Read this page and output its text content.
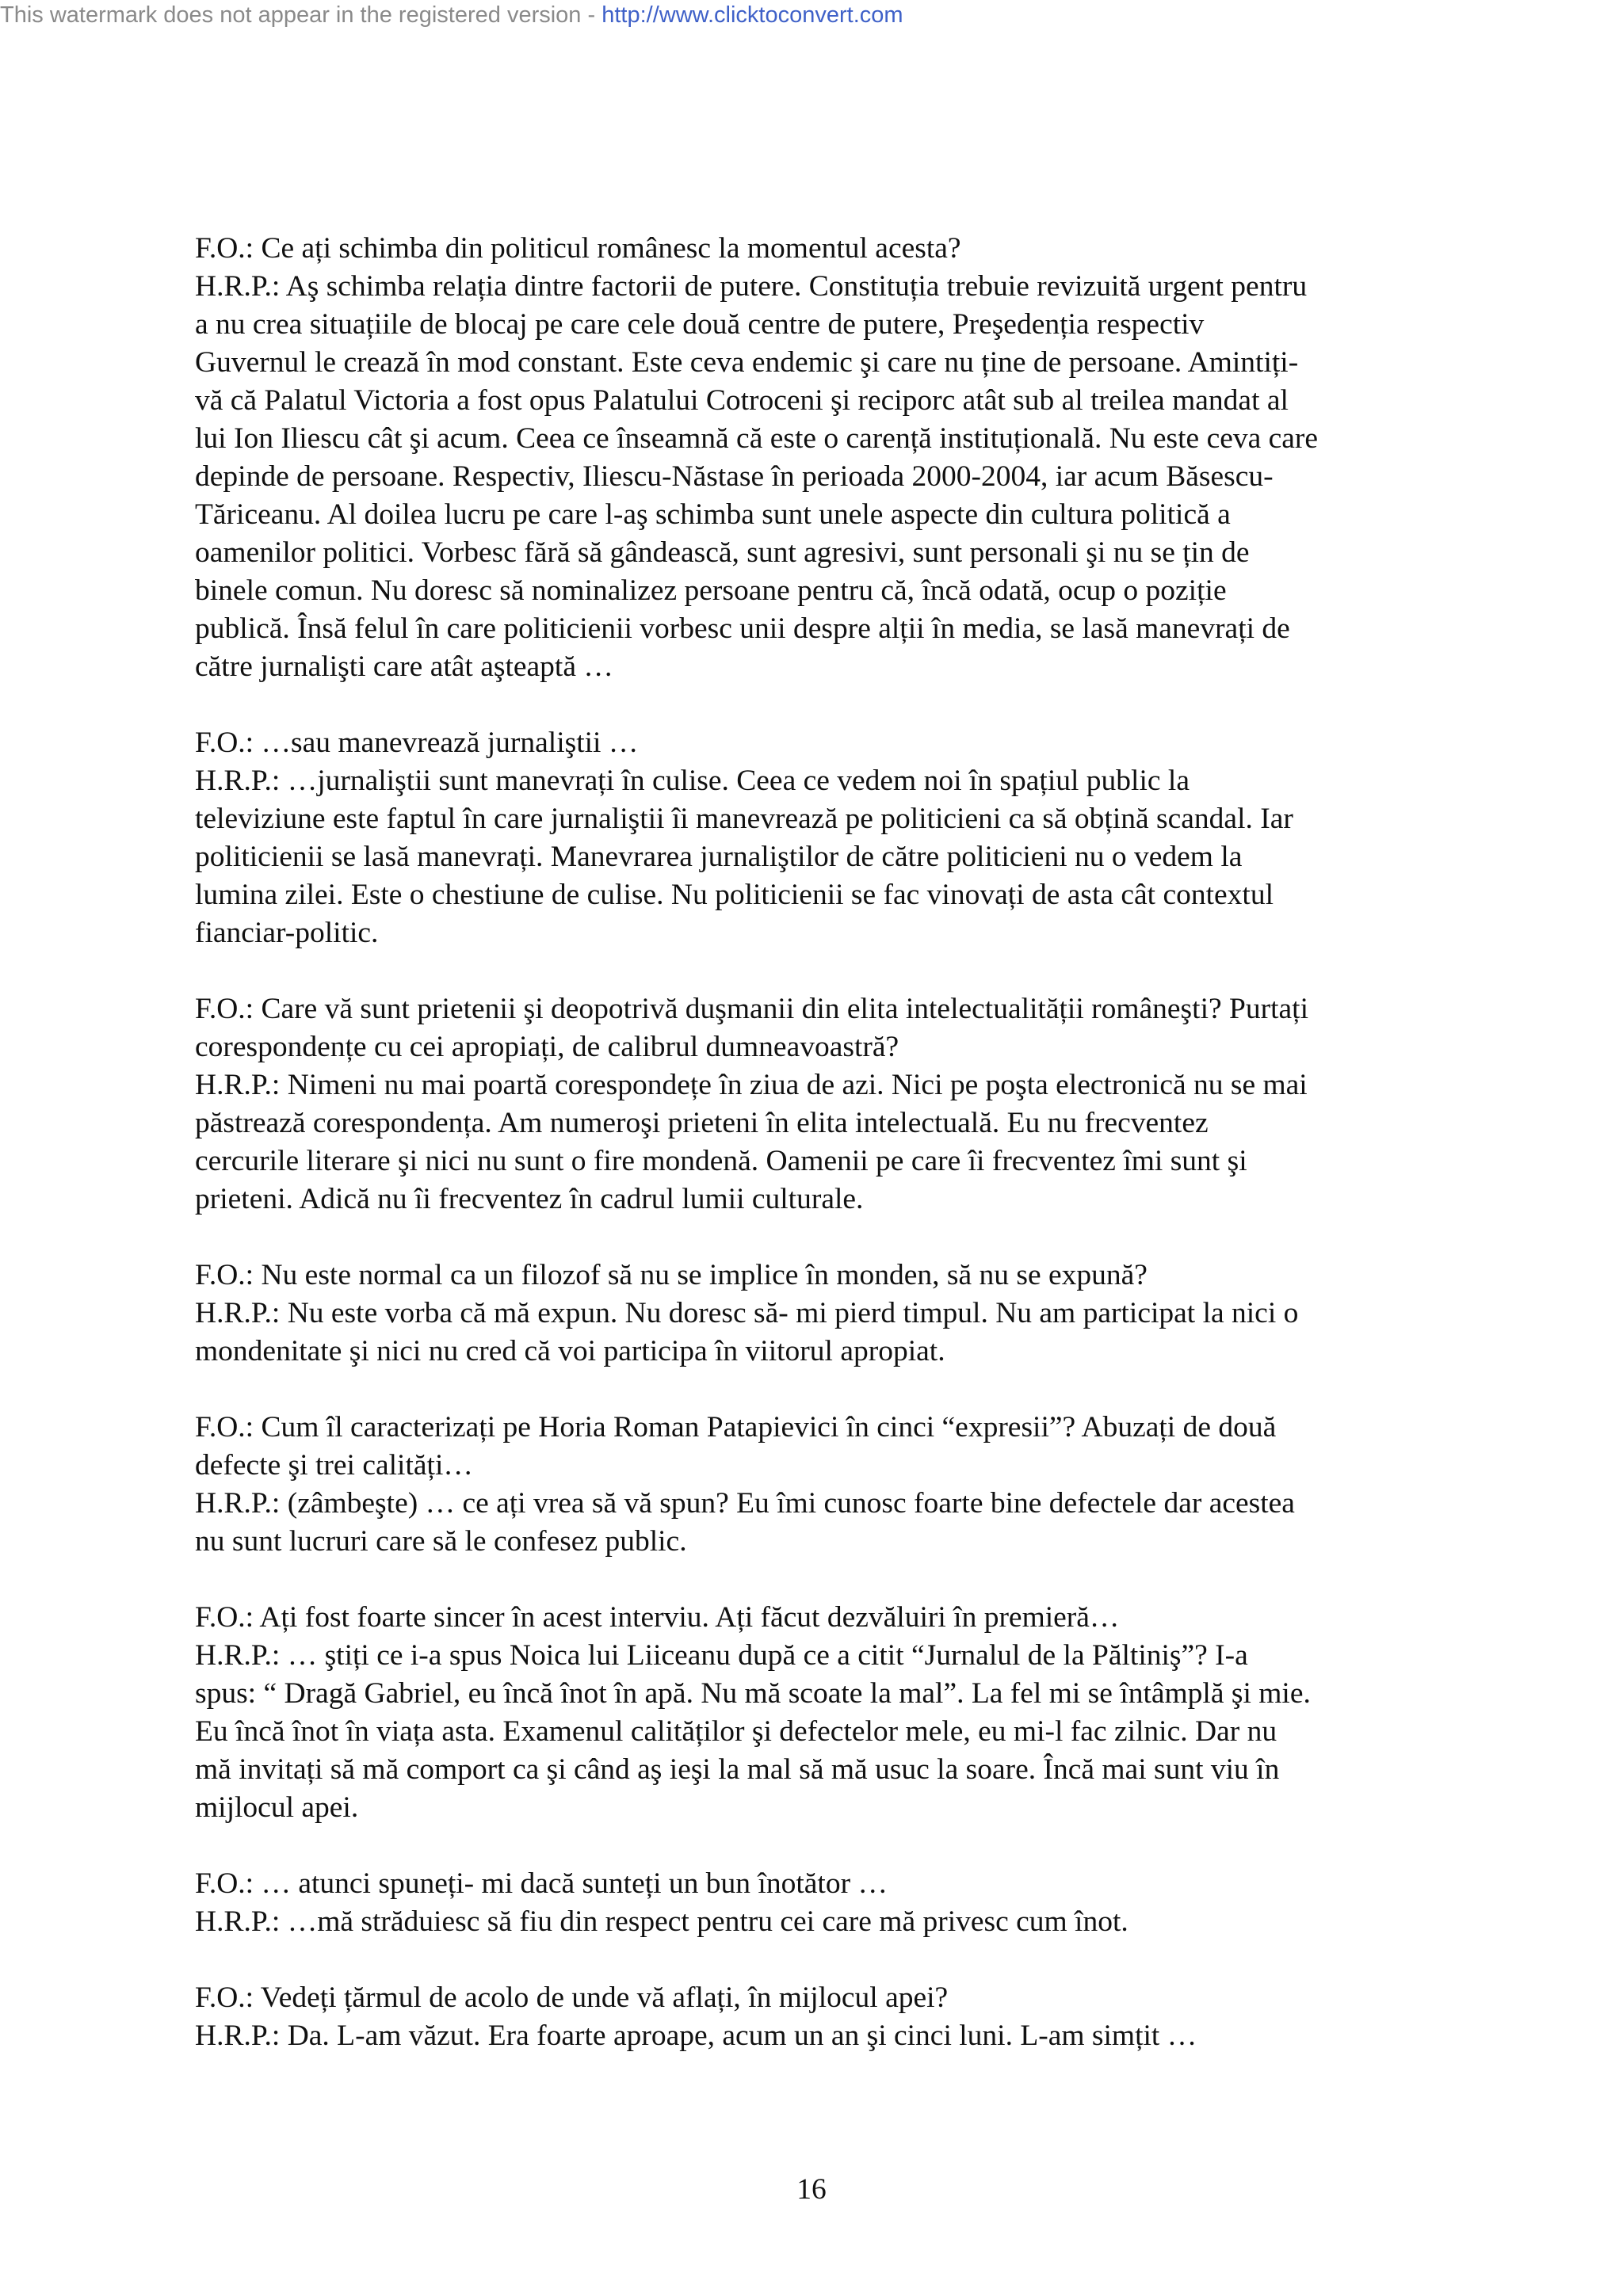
This watermark does not appear in the registered version - http://www.clicktoconvert.com
F.O.: Ce ați schimba din politicul românesc la momentul acesta?
H.R.P.: Aş schimba relația dintre factorii de putere. Constituția trebuie revizuită urgent pentru
a nu crea situațiile de blocaj pe care cele două centre de putere, Preşedenția respectiv
Guvernul le crează în mod constant. Este ceva endemic şi care nu ține de persoane. Amintiți-
vă că Palatul Victoria a fost opus Palatului Cotroceni şi reciporc atât sub al treilea mandat al
lui Ion Iliescu cât şi acum. Ceea ce înseamnă că este o carență instituțională. Nu este ceva care
depinde de persoane. Respectiv, Iliescu-Năstase în perioada 2000-2004, iar acum Băsescu-
Tăriceanu. Al doilea lucru pe care l-aş schimba sunt unele aspecte din cultura politică a
oamenilor politici. Vorbesc fără să gândească, sunt agresivi, sunt personali şi nu se țin de
binele comun. Nu doresc să nominalizez persoane pentru că, încă odată, ocup o poziție
publică. Însă felul în care politicienii vorbesc unii despre alții în media, se lasă manevrați de
către jurnalişti care atât aşteaptă …
F.O.: …sau manevrează jurnaliştii …
H.R.P.: …jurnaliştii sunt manevrați în culise. Ceea ce vedem noi în spațiul public la
televiziune este faptul în care jurnaliştii îi manevrează pe politicieni ca să obțină scandal. Iar
politicienii se lasă manevrați. Manevrarea jurnaliştilor de către politicieni nu o vedem la
lumina zilei. Este o chestiune de culise. Nu politicienii se fac vinovați de asta cât contextul
fianciar-politic.
F.O.: Care vă sunt prietenii şi deopotrivă duşmanii din elita intelectualității româneşti? Purtați
corespondențe cu cei apropiați, de calibrul dumneavoastră?
H.R.P.: Nimeni nu mai poartă corespondețe în ziua de azi. Nici pe poşta electronică nu se mai
păstrează corespondența. Am numeroşi prieteni în elita intelectuală. Eu nu frecventez
cercurile literare şi nici nu sunt o fire mondenă. Oamenii pe care îi frecventez îmi sunt şi
prieteni. Adică nu îi frecventez în cadrul lumii culturale.
F.O.: Nu este normal ca un filozof să nu se implice în monden, să nu se expună?
H.R.P.: Nu este vorba că mă expun. Nu doresc să- mi pierd timpul. Nu am participat la nici o
mondenitate şi nici nu cred că voi participa în viitorul apropiat.
F.O.: Cum îl caracterizați pe Horia Roman Patapievici în cinci “expresii”? Abuzați de două
defecte şi trei calități…
H.R.P.: (zâmbeşte) … ce ați vrea să vă spun? Eu îmi cunosc foarte bine defectele dar acestea
nu sunt lucruri care să le confesez public.
F.O.: Ați fost foarte sincer în acest interviu. Ați făcut dezvăluiri în premieră…
H.R.P.: … ştiți ce i-a spus Noica lui Liiceanu după ce a citit “Jurnalul de la Păltiniş”? I-a
spus: “ Dragă Gabriel, eu încă înot în apă. Nu mă scoate la mal”. La fel mi se întâmplă şi mie.
Eu încă înot în viața asta. Examenul calităților şi defectelor mele, eu mi-l fac zilnic. Dar nu
mă invitați să mă comport ca şi când aş ieşi la mal să mă usuc la soare. Încă mai sunt viu în
mijlocul apei.
F.O.: … atunci spuneți- mi dacă sunteți un bun înotător …
H.R.P.: …mă străduiesc să fiu din respect pentru cei care mă privesc cum înot.
F.O.: Vedeți țărmul de acolo de unde vă aflați, în mijlocul apei?
H.R.P.: Da. L-am văzut. Era foarte aproape, acum un an şi cinci luni. L-am simțit …
16
